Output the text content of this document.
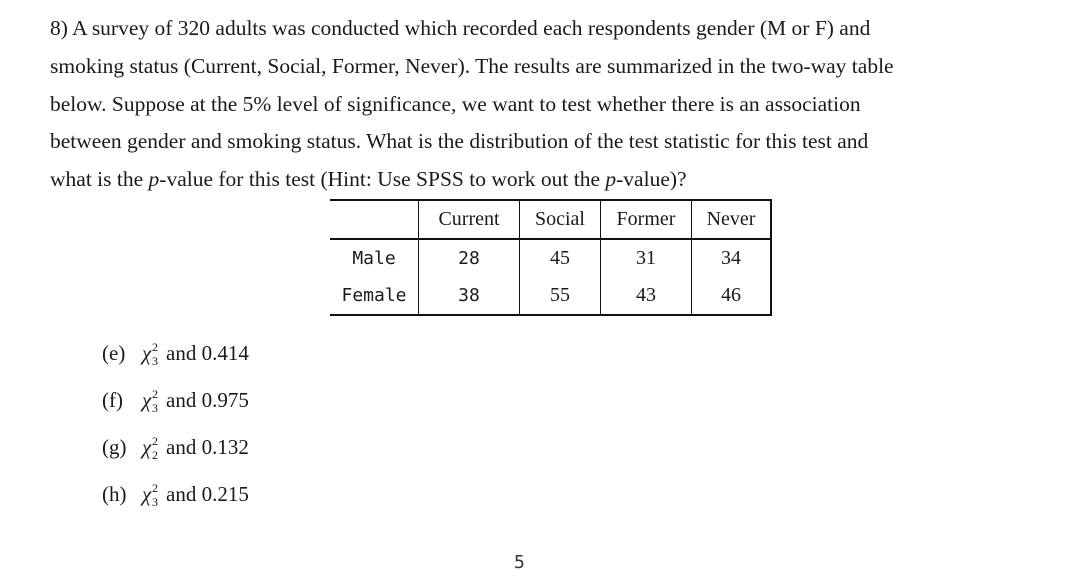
8) A survey of 320 adults was conducted which recorded each respondents gender (M or F) and
smoking status (Current, Social, Former, Never). The results are summarized in the two-way table
below. Suppose at the 5% level of significance, we want to test whether there is an association
between gender and smoking status. What is the distribution of the test statistic for this test and
what is the p-value for this test (Hint: Use SPSS to work out the p-value)?
	Current	Social	Former	Never
Male	28	45	31	34
Female	38	55	43	46
(e) χ 2
3 and 0.414
(f) χ 2
3 and 0.975
(g) χ 2
2 and 0.132
(h) χ 2
3 and 0.215
5
